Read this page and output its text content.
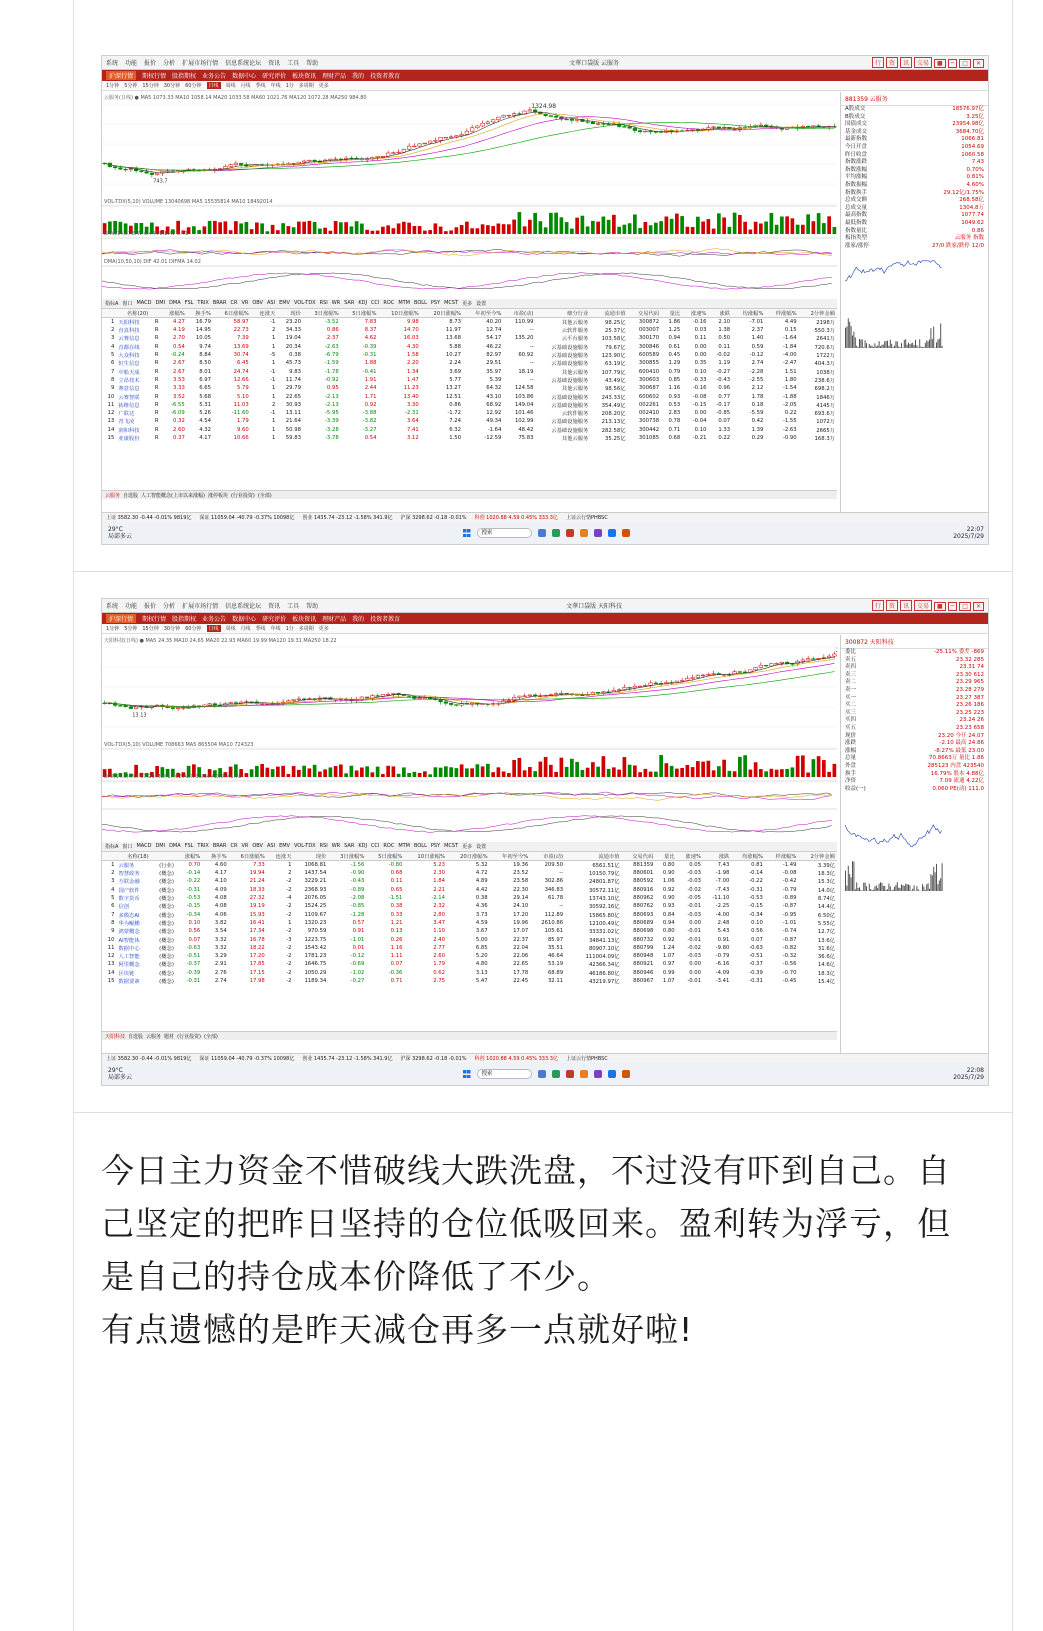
系统 功能 报价 分析 扩展市场行情 信息系统论坛 资讯 工具 帮助	文華口袋版 云服务	行 资 讯 交易 ■ ─ □ ✕
沪深行情	期权行情 股指期权 业务公告 数据中心 研究评价 板块资讯 理财产品 我的 投资者教育
1分钟 5分钟 15分钟 30分钟 60分钟	日线	周线 月线 季线 年线 1分 多周期 更多
1324.98
743.7
云服务(日线) ● MA5 1073.33 MA10 1058.14 MA20 1033.58 MA60 1021.76 MA120 1072.28 MA250 984.80
VOL-TDX(5,10) VOLUME 13040698 MA5 15535814 MA10 18492014
EMV(14,9) EMV 0.44 MAEMV 0.41
DMA(10,50,10) DIF 42.01 DIFMA 14.02
881359 云服务
A股成交	18576.97亿
B股成交	3.25亿
国债成交	23954.98亿
基金成交	3684.70亿
最新指数	1066.81
今日开盘	1054.69
昨日收盘	1060.58
指数涨跌	7.43
指数涨幅	0.70%
平均涨幅	0.81%
指数振幅	4.60%
指数换手	29.12亿/1.75%
总成交额	268.58亿
总成交量	1304.8万
最高指数	1077.74
最低指数	1049.62
指数量比	0.86
板指类型	云服务 指数
涨家/涨停	27/0 跌家/跌停 12/0
指标A 窗口 MACD DMI DMA FSL TRIX BRAR CR VR OBV ASI EMV VOL-TDX RSI WR SAR KDJ CCI ROC MTM BOLL PSY MCST 更多 设置
	名称(20)		涨幅%	换手%	6日涨幅%	连涨天	现价	3日涨幅%	5日涨幅%	10日涨幅%	20日涨幅%	年初至今%	市盈(动)	细分行业	流通市值	交易代码	量比	涨速%	涨跌	均涨幅%	样涨幅%	2分钟金额
1	天阳科技	R	4.27	16.79	58.97	-1	23.20	-3.52	7.83	9.98	8.73	40.20	110.99	其他云服务	98.25亿	300872	1.86	-0.16	2.10	-7.01	4.49	2198万
2	直真科技	R	4.19	14.95	22.73	2	34.33	0.86	8.37	14.70	11.97	12.74	--	云软件服务	25.37亿	003007	1.25	0.03	1.38	2.37	0.15	550.3万
3	云赛信息	R	2.70	10.05	7.39	1	19.04	2.37	4.62	16.03	13.68	54.17	135.20	云平台服务	103.58亿	300170	0.94	0.11	0.50	1.40	-1.64	2641万
4	首都在线	R	0.54	9.74	13.69	1	20.34	-2.63	-0.39	4.30	5.88	46.22	--	云基础设施服务	79.67亿	300846	0.61	0.00	0.11	0.59	-1.84	720.6万
5	大众科技	R	-0.24	8.84	30.74	-5	0.38	-6.79	-0.31	1.58	10.27	82.97	60.92	云基础设施服务	123.90亿	600589	0.45	0.00	-0.02	-0.12	-4.00	1722万
6	恒生信息	R	2.67	8.50	6.45	1	45.73	-1.59	1.88	2.20	2.24	29.51	--	云基础设施服务	63.19亿	300855	1.29	0.35	1.19	2.74	-2.47	404.3万
7	中船天成	R	2.67	8.01	24.74	-1	9.83	-1.78	-0.41	1.34	3.69	35.97	18.19	其他云服务	107.79亿	600410	0.79	0.10	-0.27	-2.28	1.51	1038万
8	立昂技术	R	3.53	6.97	12.66	-1	11.74	-0.92	1.91	1.47	5.77	5.39	--	云基础设施服务	43.49亿	300603	0.85	-0.33	-0.43	-2.55	1.80	238.6万
9	赛意信息	R	3.33	6.65	5.79	1	29.79	0.95	2.44	11.23	13.27	64.32	124.58	其他云服务	98.56亿	300687	1.16	-0.16	0.96	2.12	-1.54	698.2万
10	云赛智联	R	3.52	5.68	5.10	1	22.65	-2.13	1.71	13.40	12.51	43.10	103.86	云基础设施服务	243.33亿	600602	0.93	-0.08	0.77	1.78	-1.88	1846万
11	拓维信息	R	-6.55	5.31	11.03	2	30.93	-2.13	0.92	3.30	0.86	68.92	149.04	云基础设施服务	354.49亿	002261	0.53	-0.15	-0.17	0.18	-2.05	4145万
12	广联达	R	-6.09	5.26	-11.60	-1	13.11	-5.95	-3.88	-2.31	-1.72	12.92	101.46	云软件服务	208.20亿	002410	2.83	0.00	-0.85	-5.59	0.22	693.6万
13	青飞凌	R	0.32	4.54	1.79	1	21.64	-3.39	-3.82	3.64	7.24	49.34	102.99	云基础设施服务	213.13亿	300738	0.78	-0.04	0.07	0.42	-1.55	1072万
14	润和科技	R	2.60	4.32	9.60	1	50.98	-3.28	-3.27	7.41	6.32	-1.64	48.42	云基础设施服务	282.58亿	300442	0.71	0.10	1.33	1.39	-2.63	2665万
15	亚康股份	R	0.37	4.17	10.66	1	59.83	-3.78	0.54	3.12	1.50	-12.59	75.83	其他云服务	35.25亿	301085	0.68	-0.21	0.22	0.29	-0.90	168.3万
云服务 自选股 人工智能概念(上市以来涨幅) 涨停板块 (行业投资) (全部)
上证 3582.30 -0.44 -0.01% 9819亿 深证 11059.04 -40.79 -0.37% 10098亿 创业 1435.74 -23.12 -1.58% 341.9亿 沪深 3298.62 -0.18 -0.01% 科创 1020.88 4.59 0.45% 333.3亿 上证云行情PHBSC
29°C
局部多云	搜索	22:07
2025/7/29
系统 功能 报价 分析 扩展市场行情 信息系统论坛 资讯 工具 帮助	文華口袋版 天阳科技	行 资 讯 交易 ■ ─ □ ✕
沪深行情	期权行情 股指期权 业务公告 数据中心 研究评价 板块资讯 理财产品 我的 投资者教育
1分钟 5分钟 15分钟 30分钟 60分钟	日线	周线 月线 季线 年线 1分 多周期 更多
13.13
天阳科技(日线) ● MA5 24.35 MA10 24.65 MA20 22.93 MA60 19.99 MA120 19.31 MA250 18.22
VOL-TDX(5,10) VOLUME 708663 MA5 865504 MA10 724323
DMI(14,6) PDI 37.20 MDI 17.02 ADX 33.64 ADXR 41.78
300872 天阳科技
委比	-25.11% 委差 -869
卖五	23.32 285
卖四	23.31 74
卖三	23.30 612
卖二	23.29 965
卖一	23.28 279
买一	23.27 387
买二	23.26 186
买三	23.25 223
买四	23.24 26
买五	23.23 658
现价	23.20 今开 24.07
涨跌	-2.10 最高 24.86
涨幅	-8.27% 最低 23.00
总量	70.8663万 量比 1.86
外盘	285123 内盘 423540
换手	16.79% 股本 4.88亿
净资	7.09 流通 4.22亿
收益(一)	0.060 PE(动) 111.0
指标A 窗口 MACD DMI DMA FSL TRIX BRAR CR VR OBV ASI EMV VOL-TDX RSI WR SAR KDJ CCI ROC MTM BOLL PSY MCST 更多 设置
	名称(18)		涨幅%	换手%	6日涨幅%	连涨天	现价	3日涨幅%	5日涨幅%	10日涨幅%	20日涨幅%	年初至今%	市盈(动)		流通市值	交易代码	量比	涨速%	涨跌	均涨幅%	样涨幅%	2分钟金额
1	云服务	(行业)	0.70	4.60	7.33	1	1068.81	-1.56	-0.80	5.23	5.32	19.36	209.50		6561.51亿	881359	0.80	0.05	7.43	0.81	-1.49	3.39亿
2	智慧政务	(概念)	-0.14	4.17	19.94	2	1437.54	-0.90	0.68	2.30	4.72	23.52	--		10150.79亿	880601	0.90	-0.03	-1.98	-0.14	-0.08	18.3亿
3	互联金融	(概念)	-0.22	4.10	21.24	-2	3229.21	-0.43	0.11	1.84	4.89	23.58	302.86		24801.87亿	880592	1.06	-0.03	-7.00	-0.22	-0.42	15.3亿
4	国产软件	(概念)	-0.31	4.09	18.33	-2	2368.93	-0.89	0.65	2.21	4.42	22.30	346.83		30572.11亿	880916	0.92	-0.02	-7.43	-0.31	-0.79	14.0亿
5	数字货币	(概念)	-0.53	4.08	27.32	-4	2076.05	-2.08	-1.51	-2.14	0.38	29.14	61.78		13743.10亿	880962	0.90	-0.05	-11.10	-0.53	-0.89	8.74亿
6	信创	(概念)	-0.15	4.08	19.19	-2	1524.25	-0.85	0.38	2.32	4.36	24.10	--		30592.16亿	880762	0.93	-0.01	-2.25	-0.15	-0.87	14.4亿
7	多模态AI	(概念)	-0.34	4.06	15.93	-2	1109.67	-1.28	0.33	2.80	3.73	17.20	112.89		15865.80亿	880693	0.84	-0.03	-4.00	-0.34	-0.95	6.50亿
8	华为鲲鹏	(概念)	0.10	3.82	16.41	1	1320.23	0.57	1.21	3.47	4.59	19.96	2610.86		12100.49亿	880689	0.94	0.00	2.48	0.10	-1.01	5.55亿
9	鸿蒙概念	(概念)	0.56	3.54	17.34	-2	970.59	0.91	0.13	1.10	3.67	17.07	105.61		33331.02亿	880698	0.80	-0.01	5.43	0.56	-0.74	12.7亿
10	AI智能体	(概念)	0.07	3.32	16.78	-3	1223.75	-1.01	0.26	2.40	5.00	22.37	85.97		34841.13亿	880732	0.92	-0.01	0.91	0.07	-0.87	13.6亿
11	数据中心	(概念)	-0.63	3.32	18.22	-2	1543.42	0.01	1.16	2.77	6.85	22.04	35.51		80907.10亿	880799	1.24	-0.02	-9.80	-0.63	-0.82	31.6亿
12	人工智能	(概念)	-0.51	3.29	17.20	-2	1781.23	-0.12	1.11	2.60	5.20	22.06	46.64		111004.09亿	880948	1.07	-0.03	-0.79	-0.51	-0.32	36.6亿
13	阿里概念	(概念)	-0.37	2.91	17.85	-2	1646.75	-0.69	0.07	1.79	4.80	22.65	53.19		42366.34亿	880921	0.97	0.00	-6.16	-0.37	-0.56	14.6亿
14	区块链	(概念)	-0.39	2.76	17.15	-2	1050.29	-1.02	-0.36	0.62	3.13	17.78	68.89		46186.80亿	880946	0.99	0.00	-4.09	-0.39	-0.70	18.3亿
15	数据要素	(概念)	-0.31	2.74	17.98	-2	1189.34	-0.27	0.71	2.75	5.47	22.45	32.11		43219.97亿	880967	1.07	-0.01	-3.41	-0.31	-0.45	15.4亿
天阳科技 自选股 云服务 题材 (行业投资) (全部)
上证 3582.30 -0.44 -0.01% 9819亿 深证 11059.04 -40.79 -0.37% 10098亿 创业 1435.74 -23.12 -1.58% 341.9亿 沪深 3298.62 -0.18 -0.01% 科创 1020.88 4.59 0.45% 333.3亿 上证云行情PHBSC
29°C
局部多云	搜索	22:08
2025/7/29

今日主力资金不惜破线大跌洗盘，不过没有吓到自己。自己坚定的把昨日坚持的仓位低吸回来。盈利转为浮亏，但是自己的持仓成本价降低了不少。

有点遗憾的是昨天减仓再多一点就好啦!
